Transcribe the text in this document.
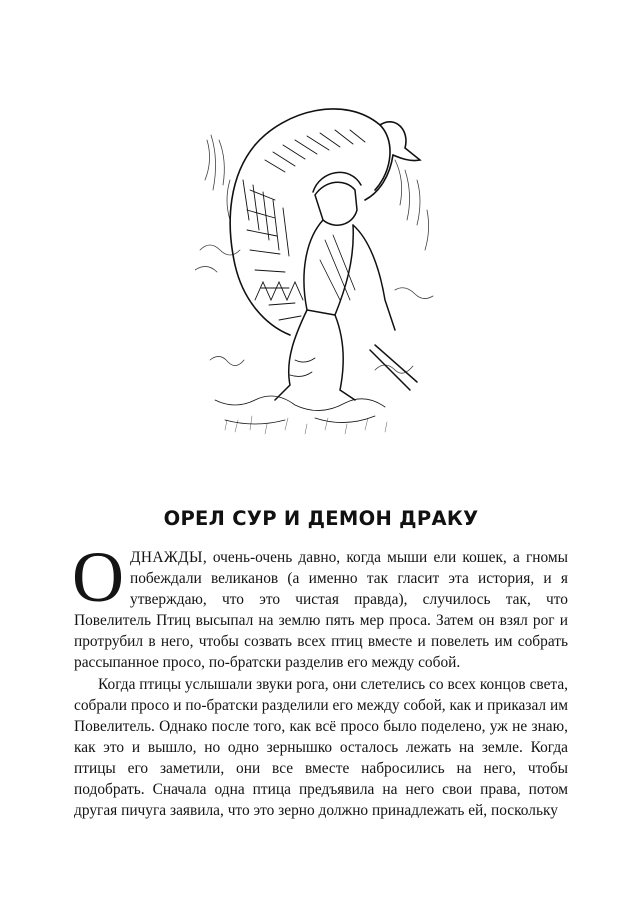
ОРЕЛ СУР И ДЕМОН ДРАКУ

ОДНАЖДЫ, очень-очень давно, когда мыши ели кошек, а гномы побеждали великанов (а именно так гласит эта история, и я утверждаю, что это чистая правда), случилось так, что Повелитель Птиц высыпал на землю пять мер проса. Затем он взял рог и протрубил в него, чтобы созвать всех птиц вместе и повелеть им собрать рассыпанное просо, по-братски разделив его между собой.

Когда птицы услышали звуки рога, они слетелись со всех концов света, собрали просо и по-братски разделили его между собой, как и приказал им Повелитель. Однако после того, как всё просо было поделено, уж не знаю, как это и вышло, но одно зернышко осталось лежать на земле. Когда птицы его заметили, они все вместе набросились на него, чтобы подобрать. Сначала одна птица предъявила на него свои права, потом другая пичуга заявила, что это зерно должно принадлежать ей, поскольку
